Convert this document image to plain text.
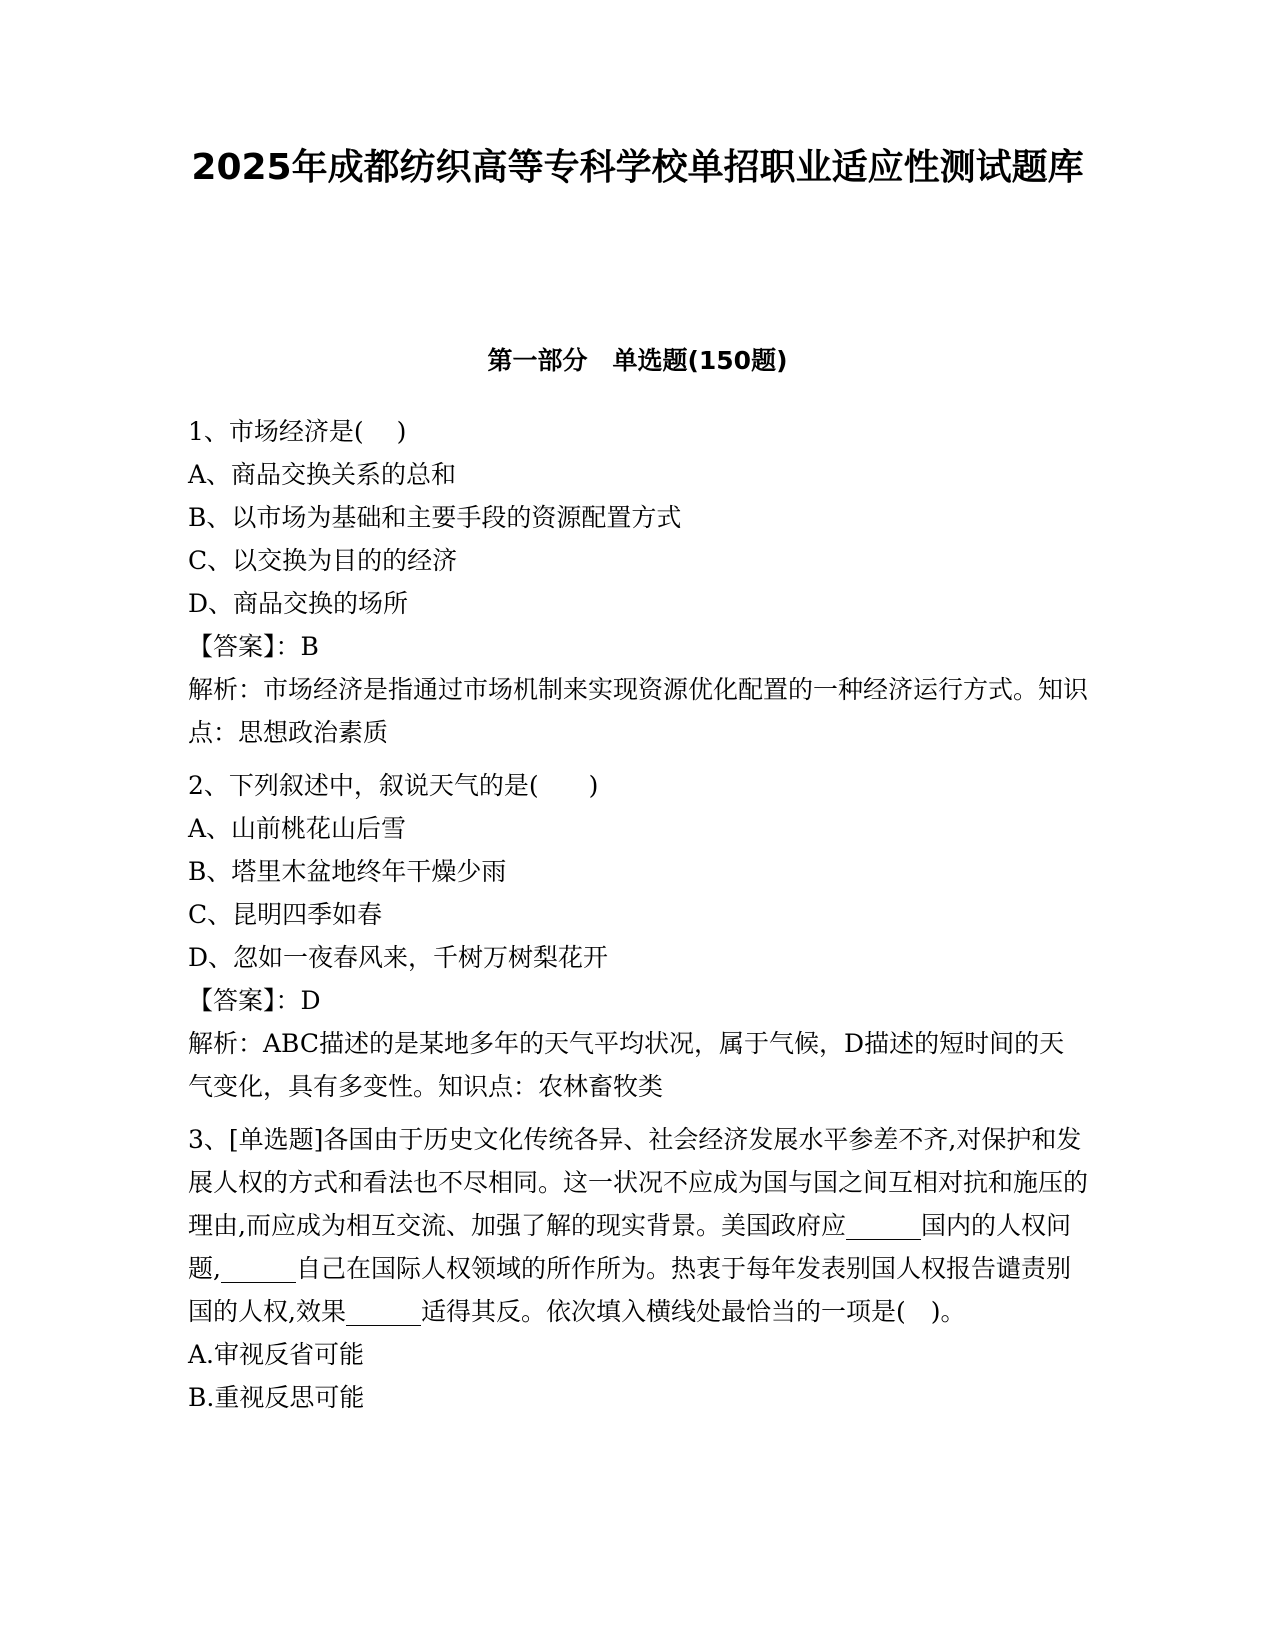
2025年成都纺织高等专科学校单招职业适应性测试题库
第一部分　单选题(150题)
1、市场经济是(　 )
A、商品交换关系的总和
B、以市场为基础和主要手段的资源配置方式
C、以交换为目的的经济
D、商品交换的场所
【答案】：B
解析：市场经济是指通过市场机制来实现资源优化配置的一种经济运行方式。知识点：思想政治素质
2、下列叙述中，叙说天气的是(　　)
A、山前桃花山后雪
B、塔里木盆地终年干燥少雨
C、昆明四季如春
D、忽如一夜春风来，千树万树梨花开
【答案】：D
解析：ABC描述的是某地多年的天气平均状况，属于气候，D描述的短时间的天气变化，具有多变性。知识点：农林畜牧类
3、[单选题]各国由于历史文化传统各异、社会经济发展水平参差不齐,对保护和发展人权的方式和看法也不尽相同。这一状况不应成为国与国之间互相对抗和施压的理由,而应成为相互交流、加强了解的现实背景。美国政府应______国内的人权问题,______自己在国际人权领域的所作所为。热衷于每年发表别国人权报告谴责别国的人权,效果______适得其反。依次填入横线处最恰当的一项是(　)。
A.审视反省可能
B.重视反思可能
